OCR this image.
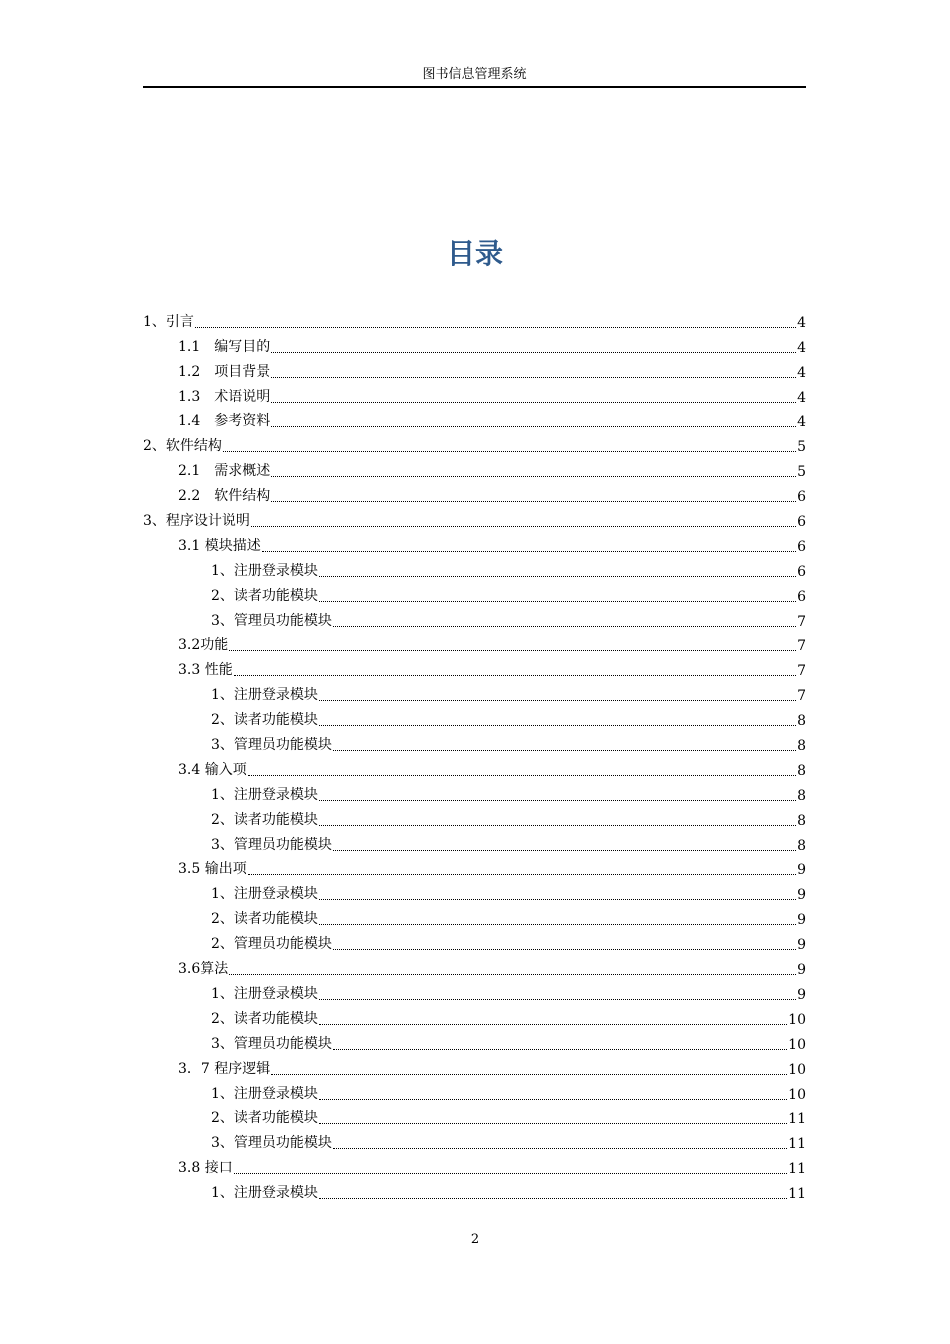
图书信息管理系统
目录
1、引言	4
1.1　编写目的	4
1.2　项目背景	4
1.3　术语说明	4
1.4　参考资料	4
2、软件结构	5
2.1　需求概述	5
2.2　软件结构	6
3、程序设计说明	6
3.1 模块描述	6
1、注册登录模块	6
2、读者功能模块	6
3、管理员功能模块	7
3.2功能	7
3.3 性能	7
1、注册登录模块	7
2、读者功能模块	8
3、管理员功能模块	8
3.4 输入项	8
1、注册登录模块	8
2、读者功能模块	8
3、管理员功能模块	8
3.5 输出项	9
1、注册登录模块	9
2、读者功能模块	9
2、管理员功能模块	9
3.6算法	9
1、注册登录模块	9
2、读者功能模块	10
3、管理员功能模块	10
3．7 程序逻辑	10
1、注册登录模块	10
2、读者功能模块	11
3、管理员功能模块	11
3.8 接口	11
1、注册登录模块	11
2
